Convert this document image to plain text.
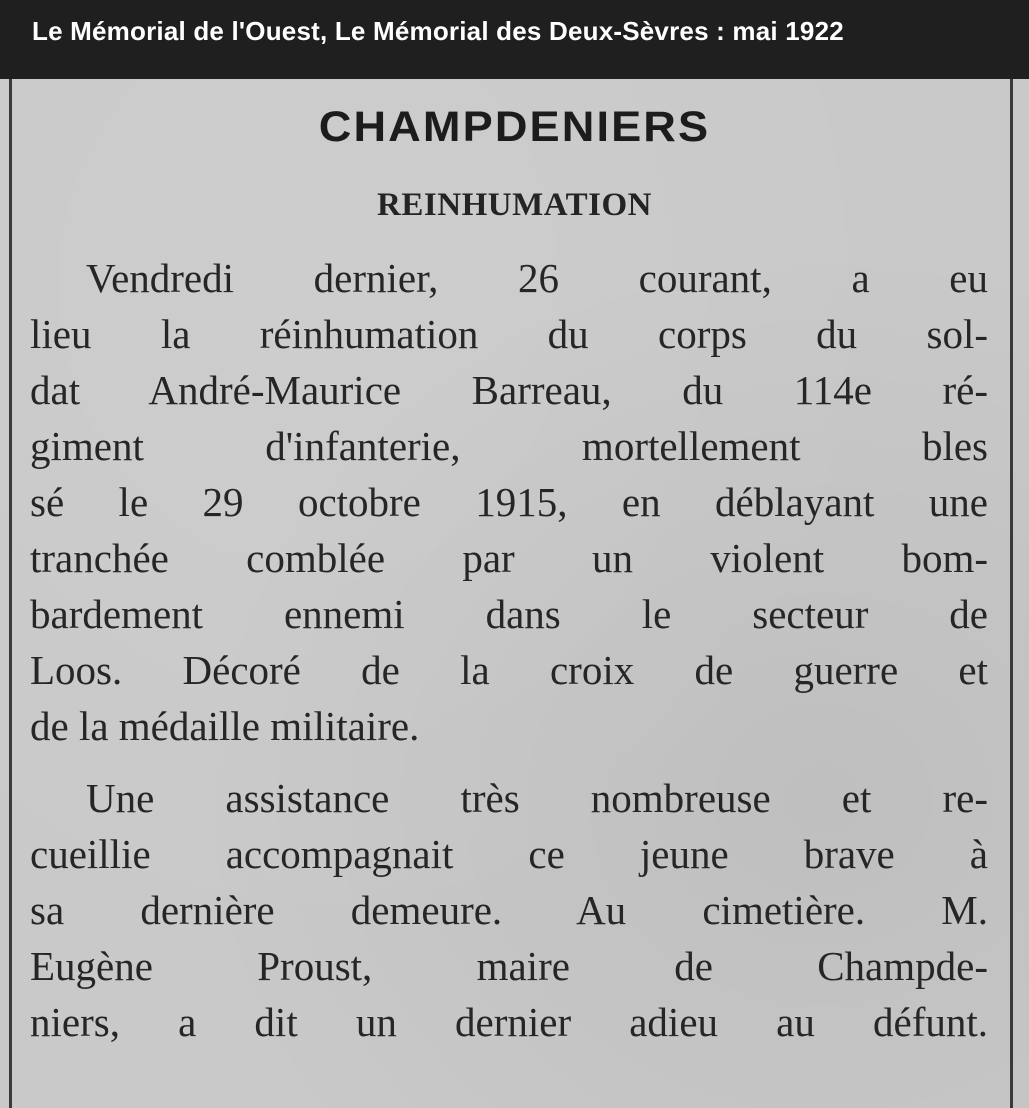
Le Mémorial de l'Ouest, Le Mémorial des Deux-Sèvres : mai 1922
CHAMPDENIERS
REINHUMATION
Vendredi dernier, 26 courant, a eu
lieu la réinhumation du corps du sol-
dat André-Maurice Barreau, du 114e ré-
giment d'infanterie, mortellement bles
sé le 29 octobre 1915, en déblayant une
tranchée comblée par un violent bom-
bardement ennemi dans le secteur de
Loos. Décoré de la croix de guerre et
de la médaille militaire.
Une assistance très nombreuse et re-
cueillie accompagnait ce jeune brave à
sa dernière demeure. Au cimetière. M.
Eugène Proust, maire de Champde-
niers, a dit un dernier adieu au défunt.
